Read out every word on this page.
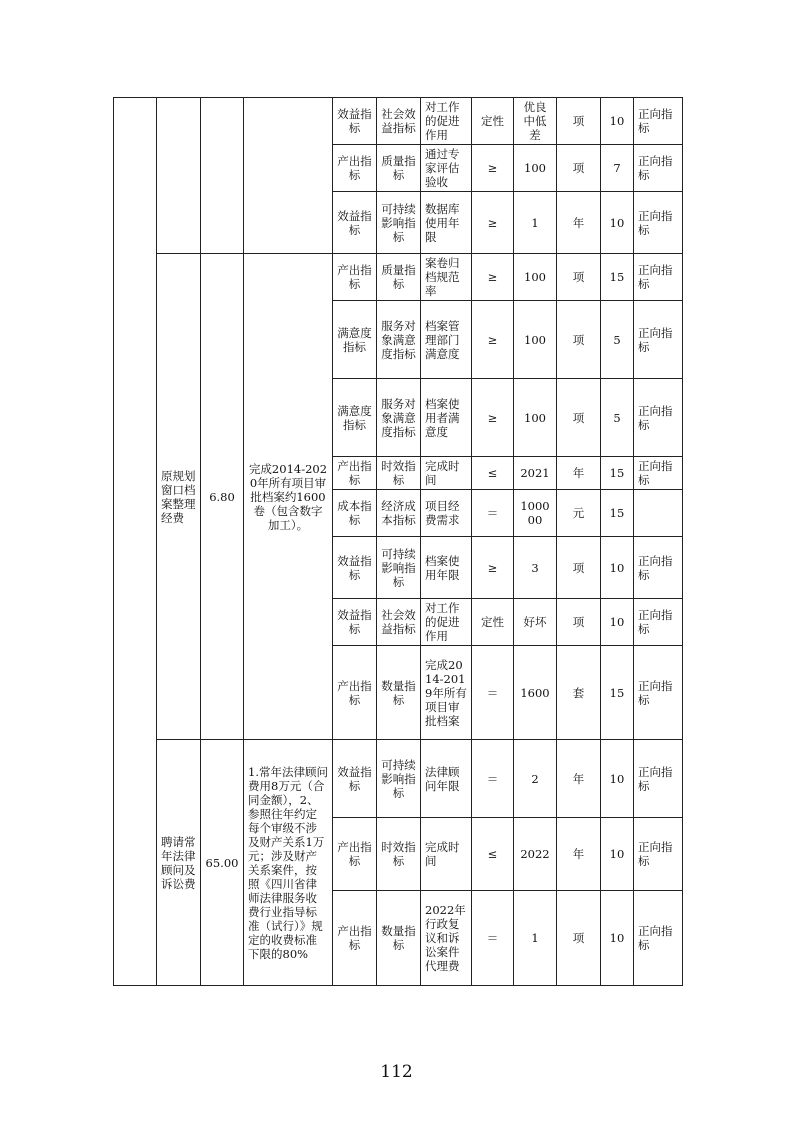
				效益指标	社会效益指标	对工作的促进作用	定性	优良中低差	项	10	正向指标
				产出指标	质量指标	通过专家评估验收	≥	100	项	7	正向指标
				效益指标	可持续影响指标	数据库使用年限	≥	1	年	10	正向指标
	原规划窗口档案整理经费	6.80	完成2014-2020年所有项目审批档案约1600卷（包含数字加工）。	产出指标	质量指标	案卷归档规范率	≥	100	项	15	正向指标
				满意度指标	服务对象满意度指标	档案管理部门满意度	≥	100	项	5	正向指标
				满意度指标	服务对象满意度指标	档案使用者满意度	≥	100	项	5	正向指标
				产出指标	时效指标	完成时间	≤	2021	年	15	正向指标
				成本指标	经济成本指标	项目经费需求	＝	100000	元	15	
				效益指标	可持续影响指标	档案使用年限	≥	3	项	10	正向指标
				效益指标	社会效益指标	对工作的促进作用	定性	好坏	项	10	正向指标
				产出指标	数量指标	完成2014-2019年所有项目审批档案	＝	1600	套	15	正向指标
	聘请常年法律顾问及诉讼费	65.00	1.常年法律顾问费用8万元（合同金额），2、参照往年约定每个审级不涉及财产关系1万元；涉及财产关系案件，按照《四川省律师法律服务收费行业指导标准（试行）》规定的收费标准下限的80%	效益指标	可持续影响指标	法律顾问年限	＝	2	年	10	正向指标
				产出指标	时效指标	完成时间	≤	2022	年	10	正向指标
				产出指标	数量指标	2022年行政复议和诉讼案件代理费	＝	1	项	10	正向指标
112
